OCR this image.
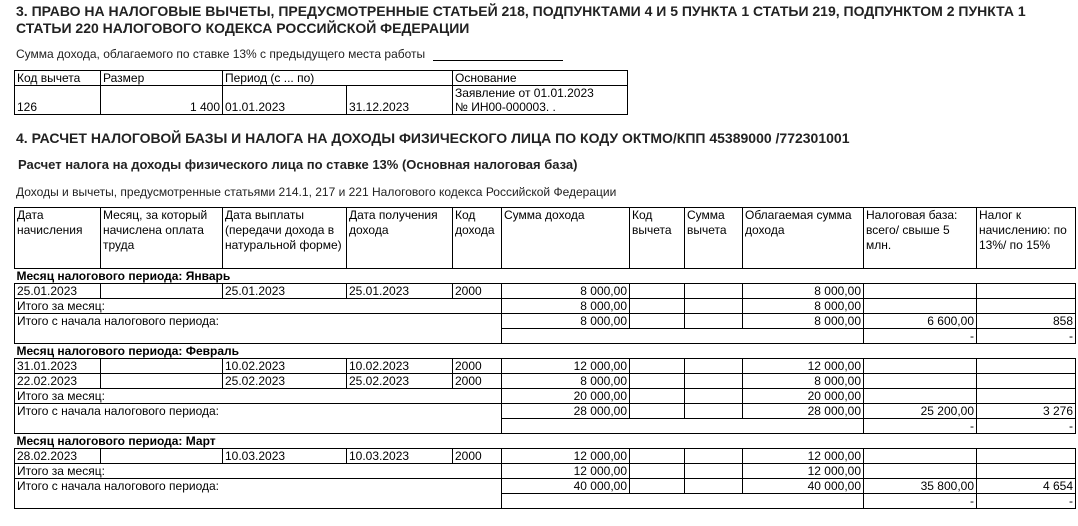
3. ПРАВО НА НАЛОГОВЫЕ ВЫЧЕТЫ, ПРЕДУСМОТРЕННЫЕ СТАТЬЕЙ 218, ПОДПУНКТАМИ 4 И 5 ПУНКТА 1 СТАТЬИ 219, ПОДПУНКТОМ 2 ПУНКТА 1 СТАТЬИ 220 НАЛОГОВОГО КОДЕКСА РОССИЙСКОЙ ФЕДЕРАЦИИ
Сумма дохода, облагаемого по ставке 13% с предыдущего места работы
Код вычета	Размер	Период (с ... по)		Основание
126	1 400	01.01.2023	31.12.2023	Заявление от 01.01.2023
№ ИН00-000003. .
4. РАСЧЕТ НАЛОГОВОЙ БАЗЫ И НАЛОГА НА ДОХОДЫ ФИЗИЧЕСКОГО ЛИЦА ПО КОДУ ОКТМО/КПП 45389000 /772301001
Расчет налога на доходы физического лица по ставке 13% (Основная налоговая база)
Доходы и вычеты, предусмотренные статьями 214.1, 217 и 221 Налогового кодекса Российской Федерации
Дата начисления	Месяц, за который начислена оплата труда	Дата выплаты (передачи дохода в натуральной форме)	Дата получения дохода	Код дохода	Сумма дохода	Код вычета	Сумма вычета	Облагаемая сумма дохода	Налоговая база: всего/ свыше 5 млн.	Налог к начислению: по 13%/ по 15%
Месяц налогового периода: Январь										
25.01.2023		25.01.2023	25.01.2023	2000	8 000,00			8 000,00		
Итого за месяц:					8 000,00			8 000,00		
Итого с начала налогового периода:					8 000,00			8 000,00	6 600,00	858
									-	-
Месяц налогового периода: Февраль										
31.01.2023		10.02.2023	10.02.2023	2000	12 000,00			12 000,00		
22.02.2023		25.02.2023	25.02.2023	2000	8 000,00			8 000,00		
Итого за месяц:					20 000,00			20 000,00		
Итого с начала налогового периода:					28 000,00			28 000,00	25 200,00	3 276
									-	-
Месяц налогового периода: Март										
28.02.2023		10.03.2023	10.03.2023	2000	12 000,00			12 000,00		
Итого за месяц:					12 000,00			12 000,00		
Итого с начала налогового периода:					40 000,00			40 000,00	35 800,00	4 654
									-	-
